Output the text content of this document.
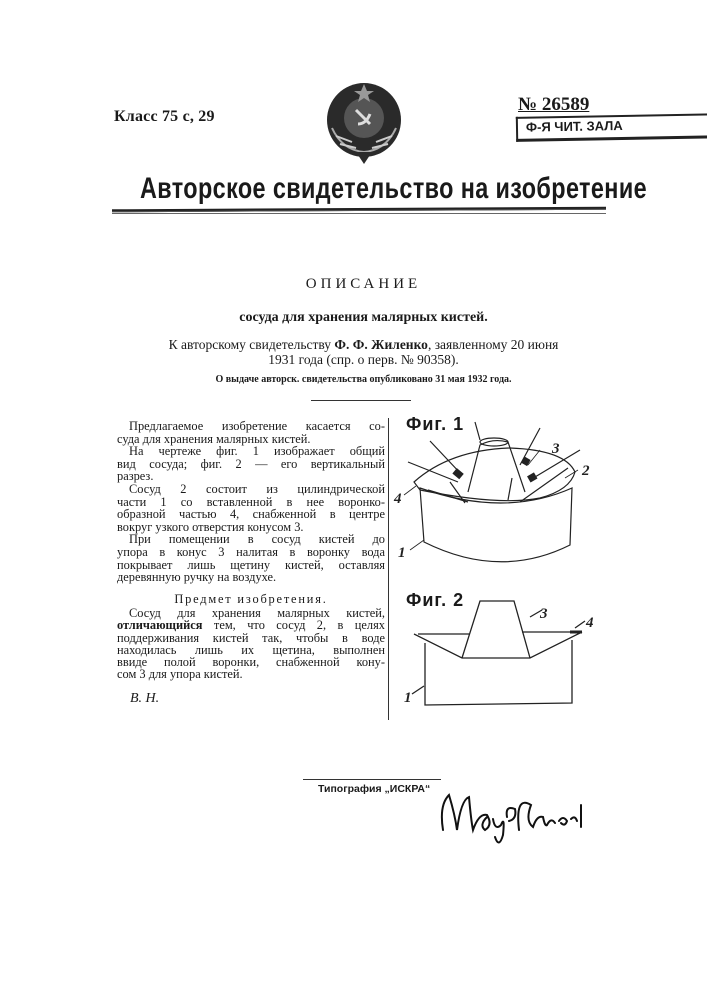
Класс 75 с, 29
№ 26589
Ф-Я ЧИТ. ЗАЛА
Авторское свидетельство на изобретение
ОПИСАНИЕ
сосуда для хранения малярных кистей.
К авторскому свидетельству Ф. Ф. Жиленко, заявленному 20 июня
1931 года (спр. о перв. № 90358).
О выдаче авторск. свидетельства опубликовано 31 мая 1932 года.
Предлагаемое изобретение касается со-
суда для хранения малярных кистей.
На чертеже фиг. 1 изображает общий
вид сосуда; фиг. 2 — его вертикальный
разрез.
Сосуд 2 состоит из цилиндрической
части 1 со вставленной в нее воронко-
образной частью 4, снабженной в центре
вокруг узкого отверстия конусом 3.
При помещении в сосуд кистей до
упора в конус 3 налитая в воронку вода
покрывает лишь щетину кистей, оставляя
деревянную ручку на воздухе.
Предмет изобретения.
Сосуд для хранения малярных кистей,
отличающийся тем, что сосуд 2, в целях
поддерживания кистей так, чтобы в воде
находилась лишь их щетина, выполнен
ввиде полой воронки, снабженной кону-
сом 3 для упора кистей.
В. Н.
3
2
4
1
3
4
1
Фиг. 1
Фиг. 2
Типография „ИСКРА“
